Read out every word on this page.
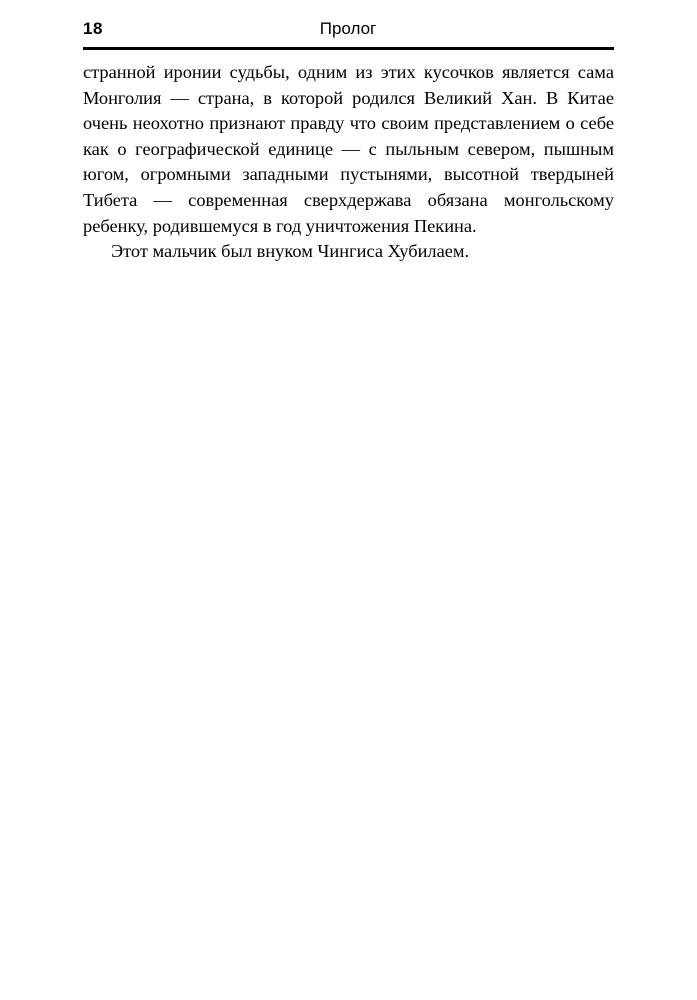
Пролог
18

странной иронии судьбы, одним из этих кусочков является сама Монголия — страна, в которой родился Великий Хан. В Китае очень неохотно признают правду что своим представлением о себе как о географической единице — с пыльным севером, пышным югом, огромными западными пустынями, высотной твердыней Тибета — современная сверхдержава обязана монгольскому ребенку, родившемуся в год уничтожения Пекина.

Этот мальчик был внуком Чингиса Хубилаем.
